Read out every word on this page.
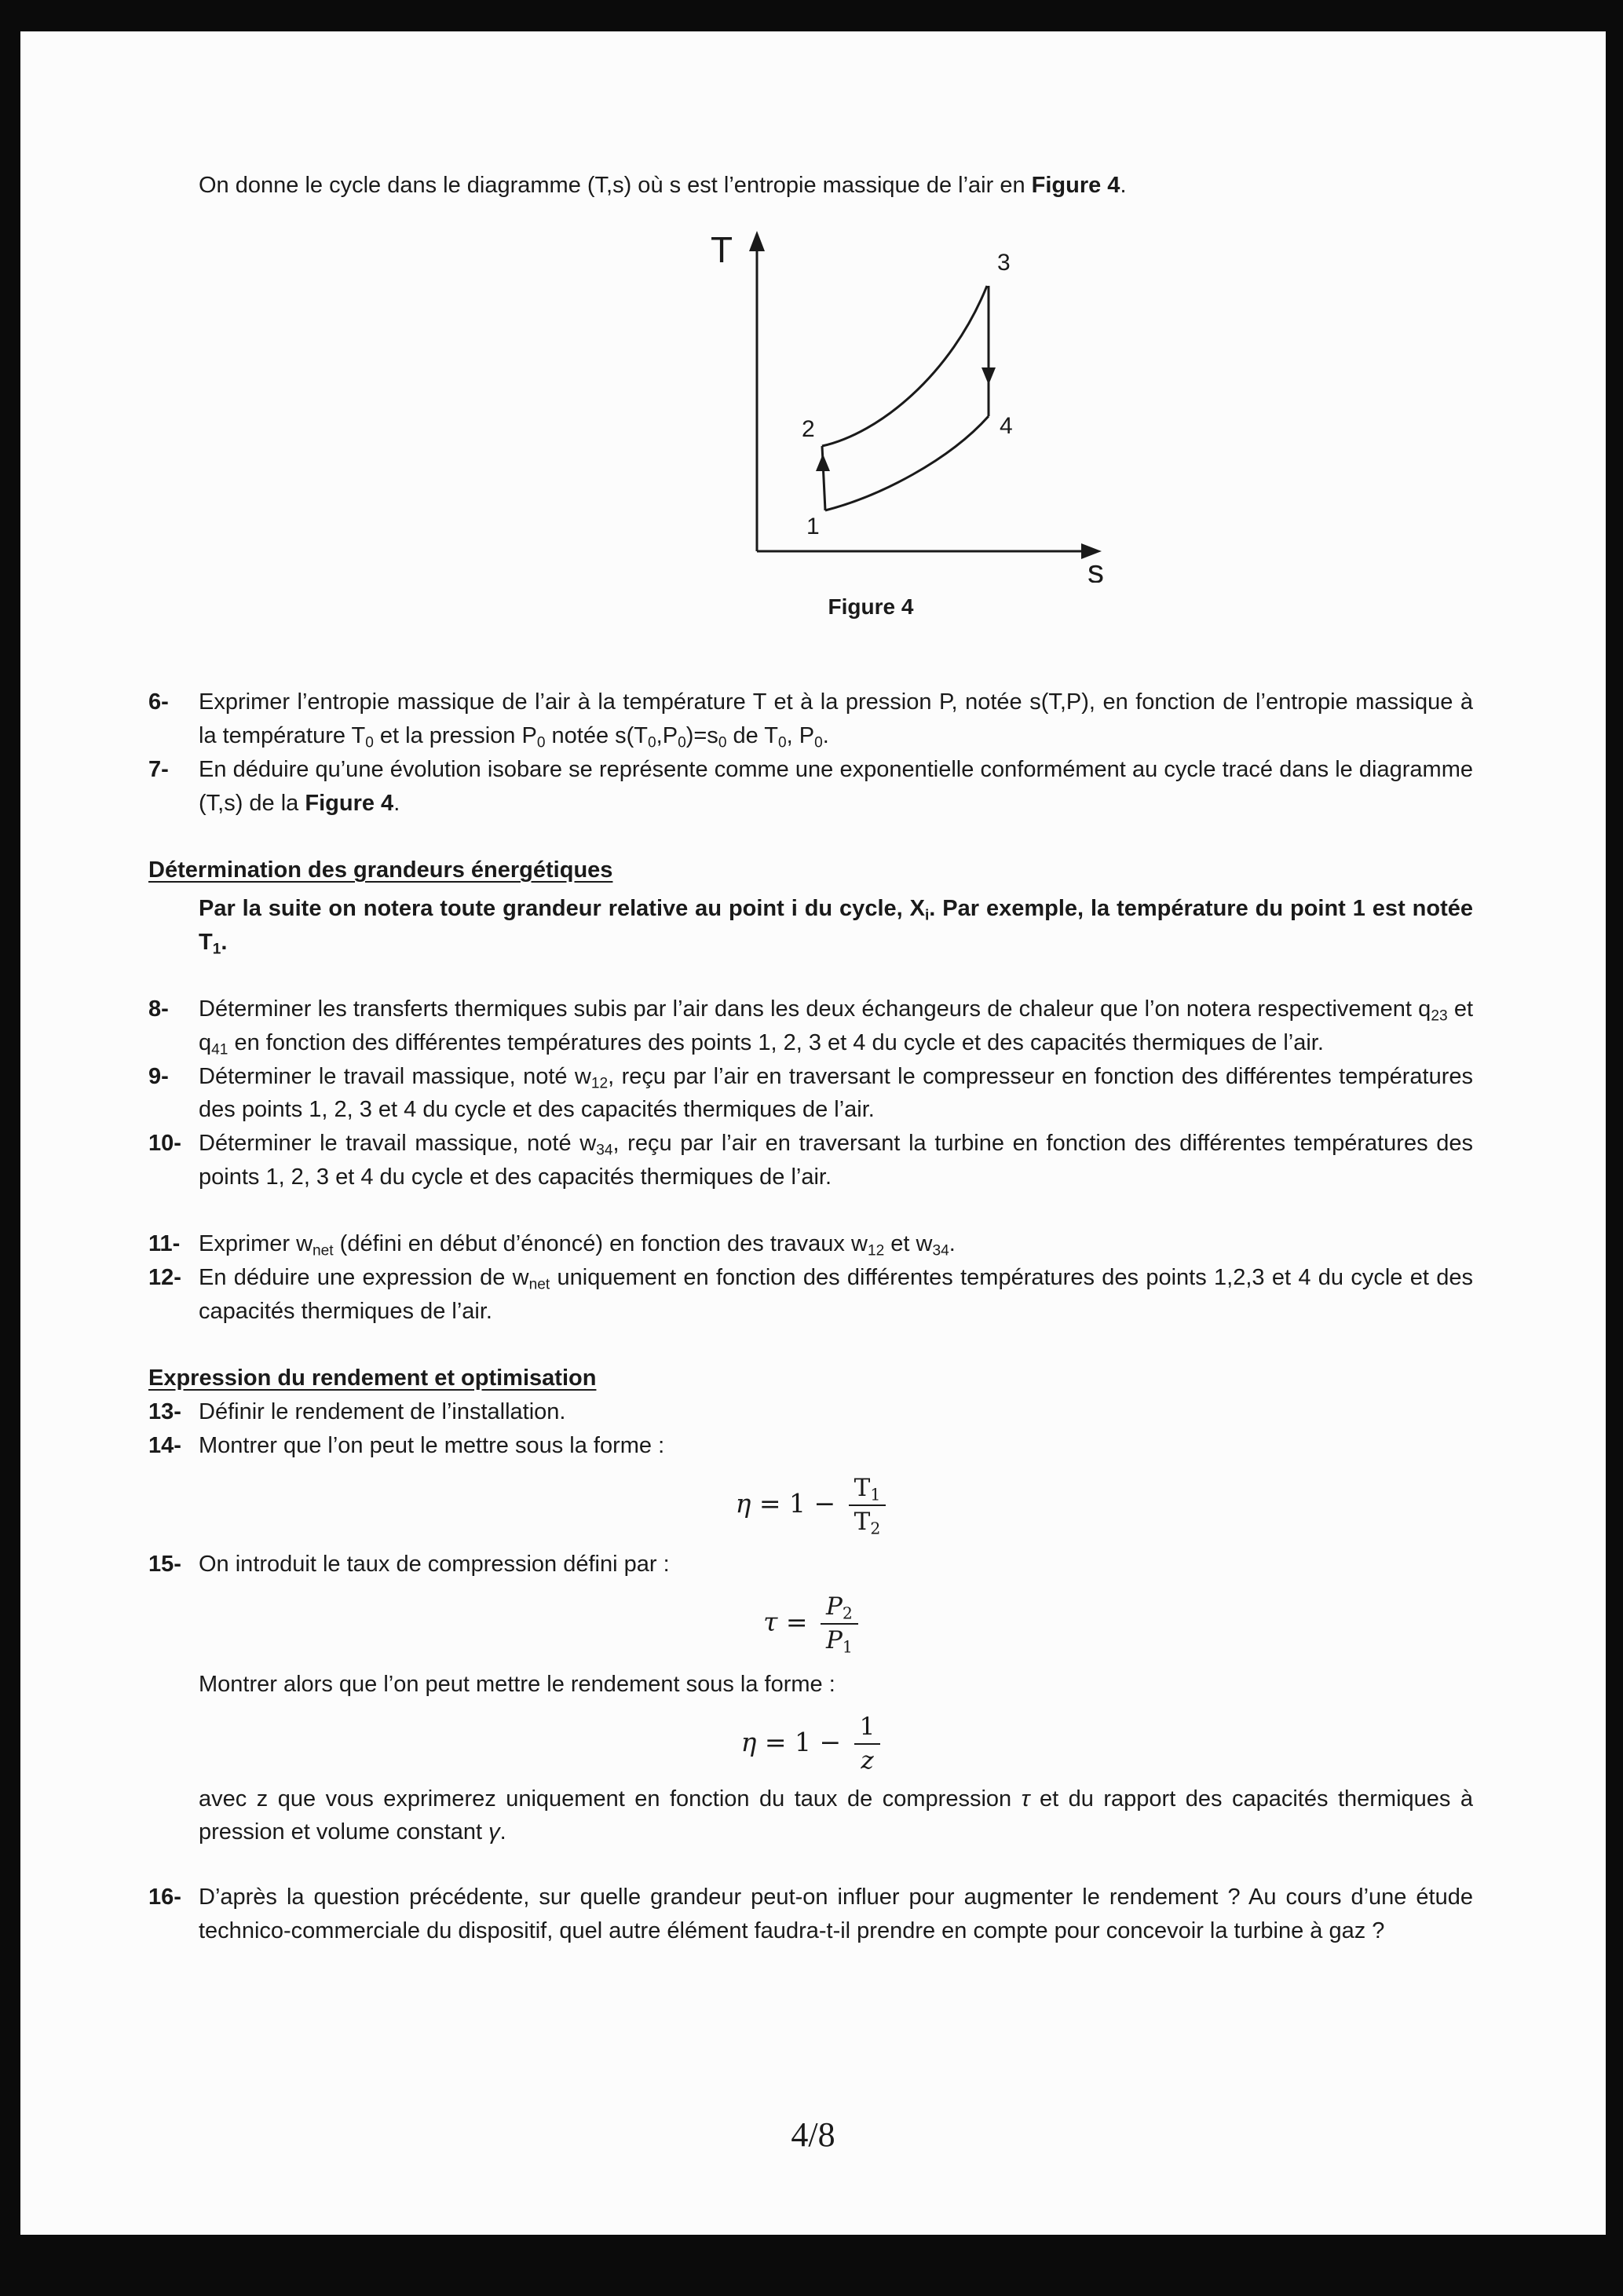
On donne le cycle dans le diagramme (T,s) où s est l’entropie massique de l’air en Figure 4.

T
s
1
2
3
4
Figure 4
6- Exprimer l’entropie massique de l’air à la température T et à la pression P, notée s(T,P), en fonction de l’entropie massique à la température $T_0$ et la pression $P_0$ notée $s(T_0,P_0)=s_0$ de $T_0$, $P_0$.
7- En déduire qu’une évolution isobare se représente comme une exponentielle conformément au cycle tracé dans le diagramme (T,s) de la Figure 4.
Détermination des grandeurs énergétiques

Par la suite on notera toute grandeur relative au point i du cycle, $X_i$. Par exemple, la température du point 1 est notée $T_1$.

8- Déterminer les transferts thermiques subis par l’air dans les deux échangeurs de chaleur que l’on notera respectivement $q_{23}$ et $q_{41}$ en fonction des différentes températures des points 1, 2, 3 et 4 du cycle et des capacités thermiques de l’air.
9- Déterminer le travail massique, noté $w_{12}$, reçu par l’air en traversant le compresseur en fonction des différentes températures des points 1, 2, 3 et 4 du cycle et des capacités thermiques de l’air.
10- Déterminer le travail massique, noté $w_{34}$, reçu par l’air en traversant la turbine en fonction des différentes températures des points 1, 2, 3 et 4 du cycle et des capacités thermiques de l’air.
11- Exprimer $w_{net}$ (défini en début d’énoncé) en fonction des travaux $w_{12}$ et $w_{34}$.
12- En déduire une expression de $w_{net}$ uniquement en fonction des différentes températures des points 1,2,3 et 4 du cycle et des capacités thermiques de l’air.
Expression du rendement et optimisation
13- Définir le rendement de l’installation.
14- Montrer que l’on peut le mettre sous la forme :
$\eta = 1 - \frac{T_1}{T_2}$
15- On introduit le taux de compression défini par :
$\tau = \frac{P_2}{P_1}$

Montrer alors que l’on peut mettre le rendement sous la forme :

$\eta = 1 - \frac{1}{z}$

avec z que vous exprimerez uniquement en fonction du taux de compression τ et du rapport des capacités thermiques à pression et volume constant γ.

16- D’après la question précédente, sur quelle grandeur peut-on influer pour augmenter le rendement ? Au cours d’une étude technico-commerciale du dispositif, quel autre élément faudra-t-il prendre en compte pour concevoir la turbine à gaz ?
4/8
